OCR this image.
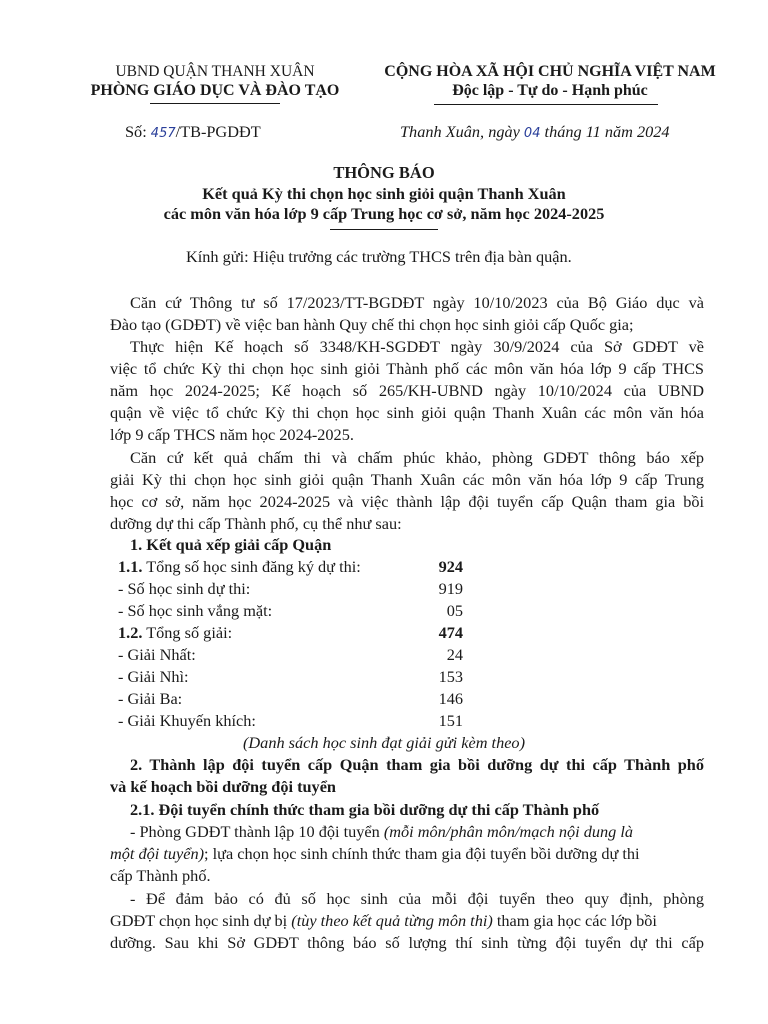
UBND QUẬN THANH XUÂN
PHÒNG GIÁO DỤC VÀ ĐÀO TẠO
CỘNG HÒA XÃ HỘI CHỦ NGHĨA VIỆT NAM
Độc lập - Tự do - Hạnh phúc
Số: 457/TB-PGDĐT	Thanh Xuân, ngày 04 tháng 11 năm 2024
THÔNG BÁO
Kết quả Kỳ thi chọn học sinh giỏi quận Thanh Xuân
các môn văn hóa lớp 9 cấp Trung học cơ sở, năm học 2024-2025
Kính gửi: Hiệu trưởng các trường THCS trên địa bàn quận.
Căn cứ Thông tư số 17/2023/TT-BGDĐT ngày 10/10/2023 của Bộ Giáo dục và
Đào tạo (GDĐT) về việc ban hành Quy chế thi chọn học sinh giỏi cấp Quốc gia;
Thực hiện Kế hoạch số 3348/KH-SGDĐT ngày 30/9/2024 của Sở GDĐT về
việc tổ chức Kỳ thi chọn học sinh giỏi Thành phố các môn văn hóa lớp 9 cấp THCS
năm học 2024-2025; Kế hoạch số 265/KH-UBND ngày 10/10/2024 của UBND
quận về việc tổ chức Kỳ thi chọn học sinh giỏi quận Thanh Xuân các môn văn hóa
lớp 9 cấp THCS năm học 2024-2025.
Căn cứ kết quả chấm thi và chấm phúc khảo, phòng GDĐT thông báo xếp
giải Kỳ thi chọn học sinh giỏi quận Thanh Xuân các môn văn hóa lớp 9 cấp Trung
học cơ sở, năm học 2024-2025 và việc thành lập đội tuyển cấp Quận tham gia bồi
dưỡng dự thi cấp Thành phố, cụ thể như sau:
1. Kết quả xếp giải cấp Quận
1.1. Tổng số học sinh đăng ký dự thi:	924
- Số học sinh dự thi:	919
- Số học sinh vắng mặt:	05
1.2. Tổng số giải:	474
- Giải Nhất:	24
- Giải Nhì:	153
- Giải Ba:	146
- Giải Khuyến khích:	151
(Danh sách học sinh đạt giải gửi kèm theo)
2. Thành lập đội tuyển cấp Quận tham gia bồi dưỡng dự thi cấp Thành phố
và kế hoạch bồi dưỡng đội tuyển
2.1. Đội tuyển chính thức tham gia bồi dưỡng dự thi cấp Thành phố
- Phòng GDĐT thành lập 10 đội tuyển (mỗi môn/phân môn/mạch nội dung là
một đội tuyển); lựa chọn học sinh chính thức tham gia đội tuyển bồi dưỡng dự thi
cấp Thành phố.
- Để đảm bảo có đủ số học sinh của mỗi đội tuyển theo quy định, phòng
GDĐT chọn học sinh dự bị (tùy theo kết quả từng môn thi) tham gia học các lớp bồi
dưỡng. Sau khi Sở GDĐT thông báo số lượng thí sinh từng đội tuyển dự thi cấp
